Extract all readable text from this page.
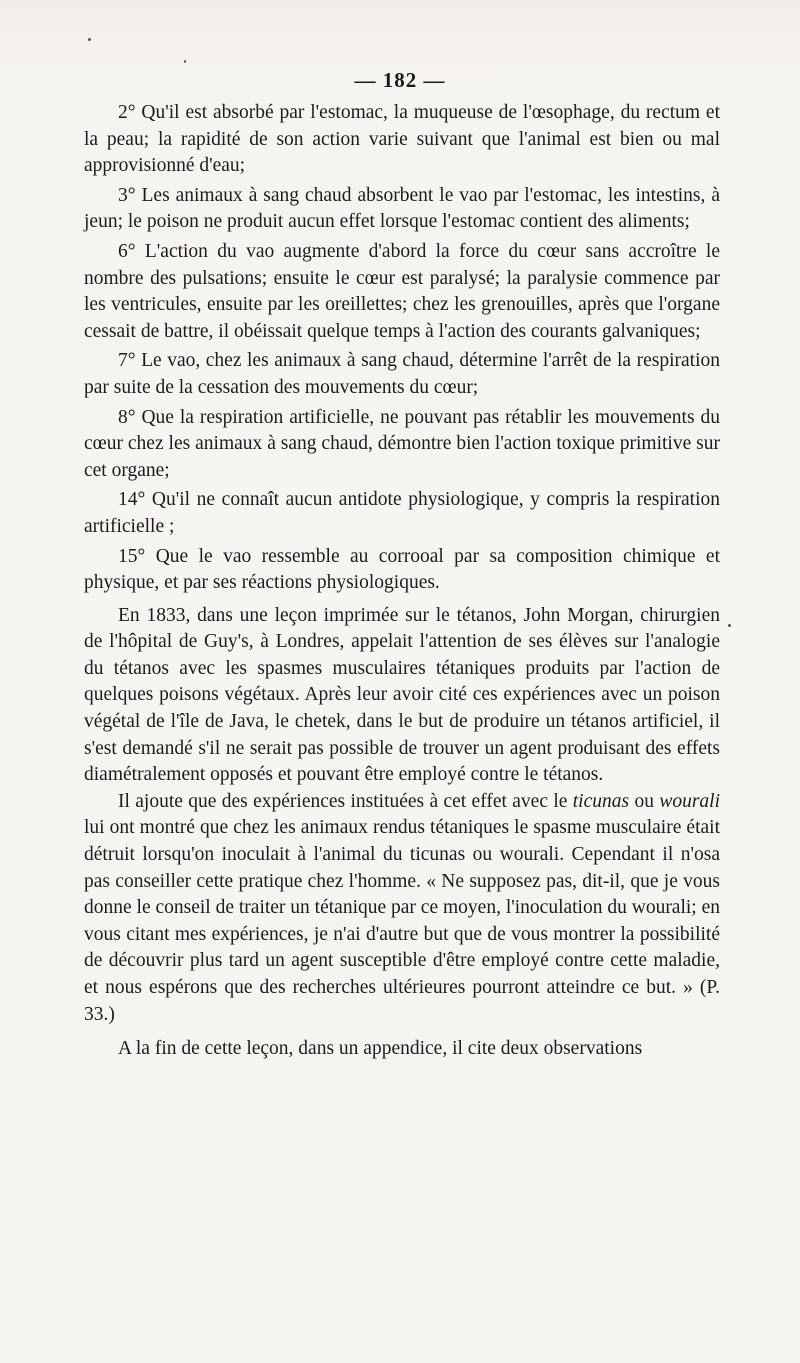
— 182 —

2° Qu'il est absorbé par l'estomac, la muqueuse de l'œsophage, du rectum et la peau; la rapidité de son action varie suivant que l'animal est bien ou mal approvisionné d'eau;

3° Les animaux à sang chaud absorbent le vao par l'estomac, les intestins, à jeun; le poison ne produit aucun effet lorsque l'estomac contient des aliments;

6° L'action du vao augmente d'abord la force du cœur sans accroître le nombre des pulsations; ensuite le cœur est paralysé; la paralysie commence par les ventricules, ensuite par les oreillettes; chez les grenouilles, après que l'organe cessait de battre, il obéissait quelque temps à l'action des courants galvaniques;

7° Le vao, chez les animaux à sang chaud, détermine l'arrêt de la respiration par suite de la cessation des mouvements du cœur;

8° Que la respiration artificielle, ne pouvant pas rétablir les mouvements du cœur chez les animaux à sang chaud, démontre bien l'action toxique primitive sur cet organe;

14° Qu'il ne connaît aucun antidote physiologique, y compris la respiration artificielle ;

15° Que le vao ressemble au corrooal par sa composition chimique et physique, et par ses réactions physiologiques.

En 1833, dans une leçon imprimée sur le tétanos, John Morgan, chirurgien de l'hôpital de Guy's, à Londres, appelait l'attention de ses élèves sur l'analogie du tétanos avec les spasmes musculaires tétaniques produits par l'action de quelques poisons végétaux. Après leur avoir cité ces expériences avec un poison végétal de l'île de Java, le chetek, dans le but de produire un tétanos artificiel, il s'est demandé s'il ne serait pas possible de trouver un agent produisant des effets diamétralement opposés et pouvant être employé contre le tétanos.

Il ajoute que des expériences instituées à cet effet avec le ticunas ou wourali lui ont montré que chez les animaux rendus tétaniques le spasme musculaire était détruit lorsqu'on inoculait à l'animal du ticunas ou wourali. Cependant il n'osa pas conseiller cette pratique chez l'homme. « Ne supposez pas, dit-il, que je vous donne le conseil de traiter un tétanique par ce moyen, l'inoculation du wourali; en vous citant mes expériences, je n'ai d'autre but que de vous montrer la possibilité de découvrir plus tard un agent susceptible d'être employé contre cette maladie, et nous espérons que des recherches ultérieures pourront atteindre ce but. » (P. 33.)

A la fin de cette leçon, dans un appendice, il cite deux observations
